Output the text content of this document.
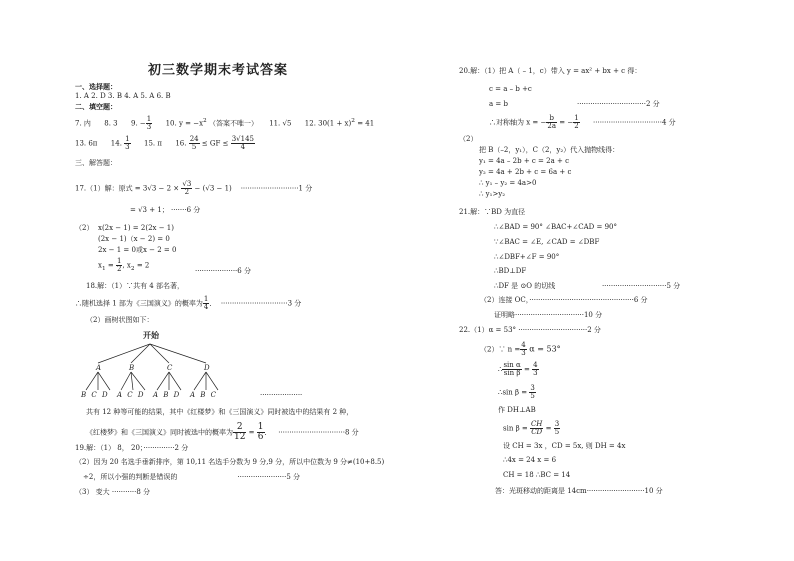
初三数学期末考试答案
一、选择题：
1. A 2. D 3. B 4. A 5. A 6. B
二、填空题：
7. 内 8. 3 9. − $\frac{1}{3} 10$. $y = -x^2$ （答案不唯一） 11. √5 12. $30(1 + x)^2 = 41$
13. 6π 14. $\frac{1}{3} 15$. π 16. $\frac{24}{5}$ ≤ GF ≤ $\frac{3√145}{4}$
三、解答题：
17.（1）解：原式 = $3√3 - 2 \times \frac{√3}{2} - (√3 - 1) \cdot\cdot\cdot\cdot\cdot\cdot\cdot\cdot\cdot\cdot\cdot\cdot\cdot\cdot\cdot\cdot\cdot\cdot\cdot\cdot\cdot\cdot\cdot\cdot\cdot\cdot 1$ 分
= √3 + 1； ·······6 分
（2） x(2x − 1) = 2(2x − 1)
(2x − 1)（x − 2) = 0
2x − 1 = 0或x − 2 = 0
$x_1 = \frac{1}{2}$ , $x_2 = 2$
···················6 分
18.解：（1）∵共有 4 部名著，
∴随机选择 1 部为《三国演义》的概率为 $\frac{1}{4}$ ．  ······························3 分
（2）画树状图如下：
开始
A	B	C	D
B C D A C D A B D A B C	···················
共有 12 种等可能的结果，其中《红楼梦》和《三国演义》同时被选中的结果有 2 种，
《红楼梦》和《三国演义》同时被选中的概率为 $\frac{2}{12} = \frac{1}{6}$ ． ······························8 分
19.解：（1） 8， 20；··············2 分
（2）因为 20 名选手垂新排序，第 10,11 名选手分数为 9 分,9 分，所以中位数为 9 分≠(10+8.5)
÷2，所以小强的判断是错误的	······················5 分
（3） 变大 ···········8 分
20.解：（1）把 A（ – 1，c）带入 y = ax² + bx + c 得：
c = a – b +c
a = b	·······························2 分
∴对称轴为 x = − $\frac{b}{2a}$ = − $\frac{1}{2} \cdot\cdot\cdot\cdot\cdot\cdot\cdot\cdot\cdot\cdot\cdot\cdot\cdot\cdot\cdot\cdot\cdot\cdot\cdot\cdot\cdot\cdot\cdot\cdot\cdot\cdot\cdot\cdot\cdot\cdot\cdot 4$ 分
（2）
把 B（–2，y₁），C（2，y₂）代入抛物线得：
y₁ = 4a – 2b + c = 2a + c
y₂ = 4a + 2b + c = 6a + c
∴ y₁ – y₂ = 4a>0
∴ y₁>y₂
21.解：∵BD 为直径
∴∠BAD = 90° ∠BAC+∠CAD = 90°
∵∠BAC = ∠E, ∠CAD = ∠DBF
∴∠DBF+∠F = 90°
∴BD⊥DF
∴DF 是 ⊙O 的切线	·····························5 分
（2）连接 OC，···············································6 分
证明略·······························10 分
22.（1）α = 53° ·······························2 分
（2）∵ $n = \frac{4}{3}$ α = 53°
∴ $\frac{\text{sin α}}{\text{sin β}} = \frac{4}{3}$
∴sin $\beta = \frac{3}{5}$
作 DH⊥AB
$\sin \beta = \frac{CH}{CD} = \frac{3}{5}$
设 CH = 3x ，CD = 5x, 则 DH = 4x
∴4x = 24 x = 6
CH = 18 ∴BC = 14
答：光斑移动的距离是 14cm··························10 分
